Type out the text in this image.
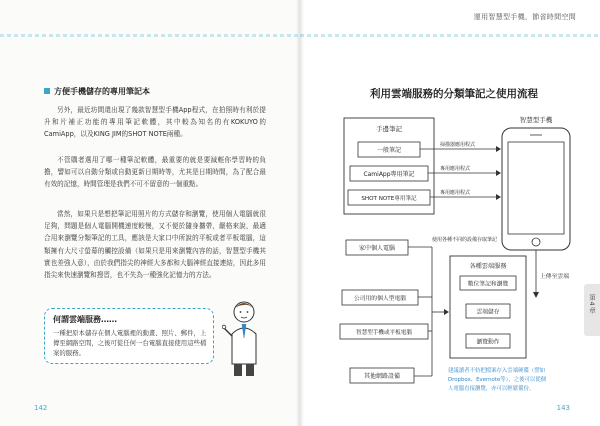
方便手機儲存的專用筆記本
另外，最近坊間還出現了幾款智慧型手機App程式，在拍照時有利於提升和片補正功能的專用筆記軟體，其中較為知名的有KOKUYO的 CamiApp，以及KING JIM的SHOT NOTE兩種。
不管購者選用了哪一種筆記軟體，最重要的就是要減輕你學習時的負擔，譬如可以自動分類或自動更新日期時等，尤其是日期時間，為了配合最有效的記憶，時間管理是我們不可不留意的一個重點。
當然，如果只是想把筆記用照片的方式儲存和瀏覽，使用個人電腦就很足夠，問題是個人電腦開機速度較慢，又不便於隨身攜帶，嚴格來說，最適合用來瀏覽分類筆記的工具，應該是大家口中所說的平板或者平板電腦，這類擁有大尺寸螢幕的觸控設備（如果只是用來瀏覽內容的話，智慧型手機其實也差強人意），由於我們指尖的神經大多都和大腦神經直接連結，因此多用指尖來快速瀏覽和搜習，也不失為一種強化記憶力的方法。
何謂雲端服務……
一種把原本儲存在個人電腦裡的動畫、照片、郵件，上傳至網路空間，之後可從任何一台電腦直接使用這些檔案的服務。
142
運用智慧型手機，節省時間空間
利用雲端服務的分類筆記之使用流程
手邊筆記
一般筆記
CamiApp專用筆記
SHOT NOTE專用筆記
掃描器應用程式
專用應用程式
專用應用程式
智慧型手機
上傳至雲端
使用各種不同的設備存取筆記
家中個人電腦
公司用的個人型電腦
智慧型手機或平板電腦
其他網路設備
各種雲端服務
數位筆記和瀏覽
雲端儲存
瀏覽動作
建議讀者不妨把檔案存入雲端硬碟（譬如
Dropbox、Evernote等），之後可以從個
人電腦直接瀏覽，亦可以輕鬆備份。
第4章
143
